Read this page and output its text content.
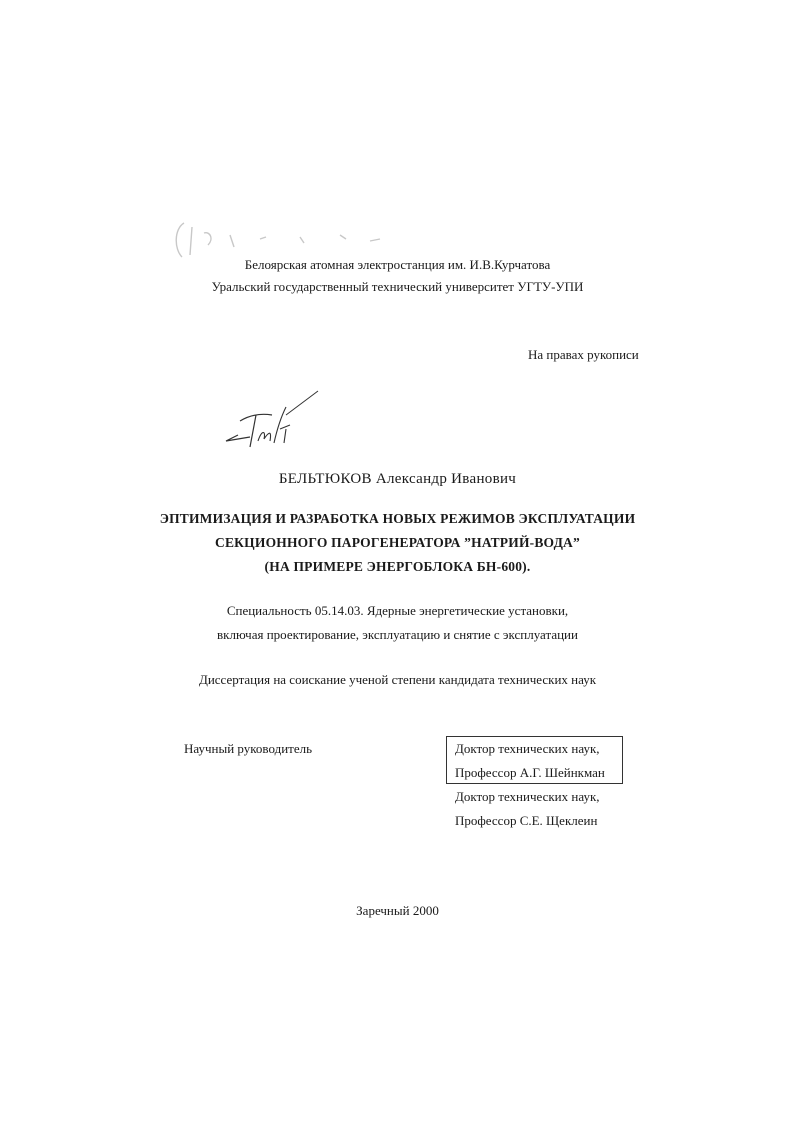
Белоярская атомная электростанция им. И.В.Курчатова
Уральский государственный технический университет УГТУ-УПИ
На правах рукописи
БЕЛЬТЮКОВ Александр Иванович
ЭПТИМИЗАЦИЯ И РАЗРАБОТКА НОВЫХ РЕЖИМОВ ЭКСПЛУАТАЦИИ
СЕКЦИОННОГО ПАРОГЕНЕРАТОРА ”НАТРИЙ-ВОДА”
(НА ПРИМЕРЕ ЭНЕРГОБЛОКА БН-600).
Специальность 05.14.03. Ядерные энергетические установки,
включая проектирование, эксплуатацию и снятие с эксплуатации
Диссертация на соискание ученой степени кандидата технических наук
Научный руководитель	Доктор технических наук,
Профессор А.Г. Шейнкман
Доктор технических наук,
Профессор С.Е. Щеклеин
Заречный 2000
